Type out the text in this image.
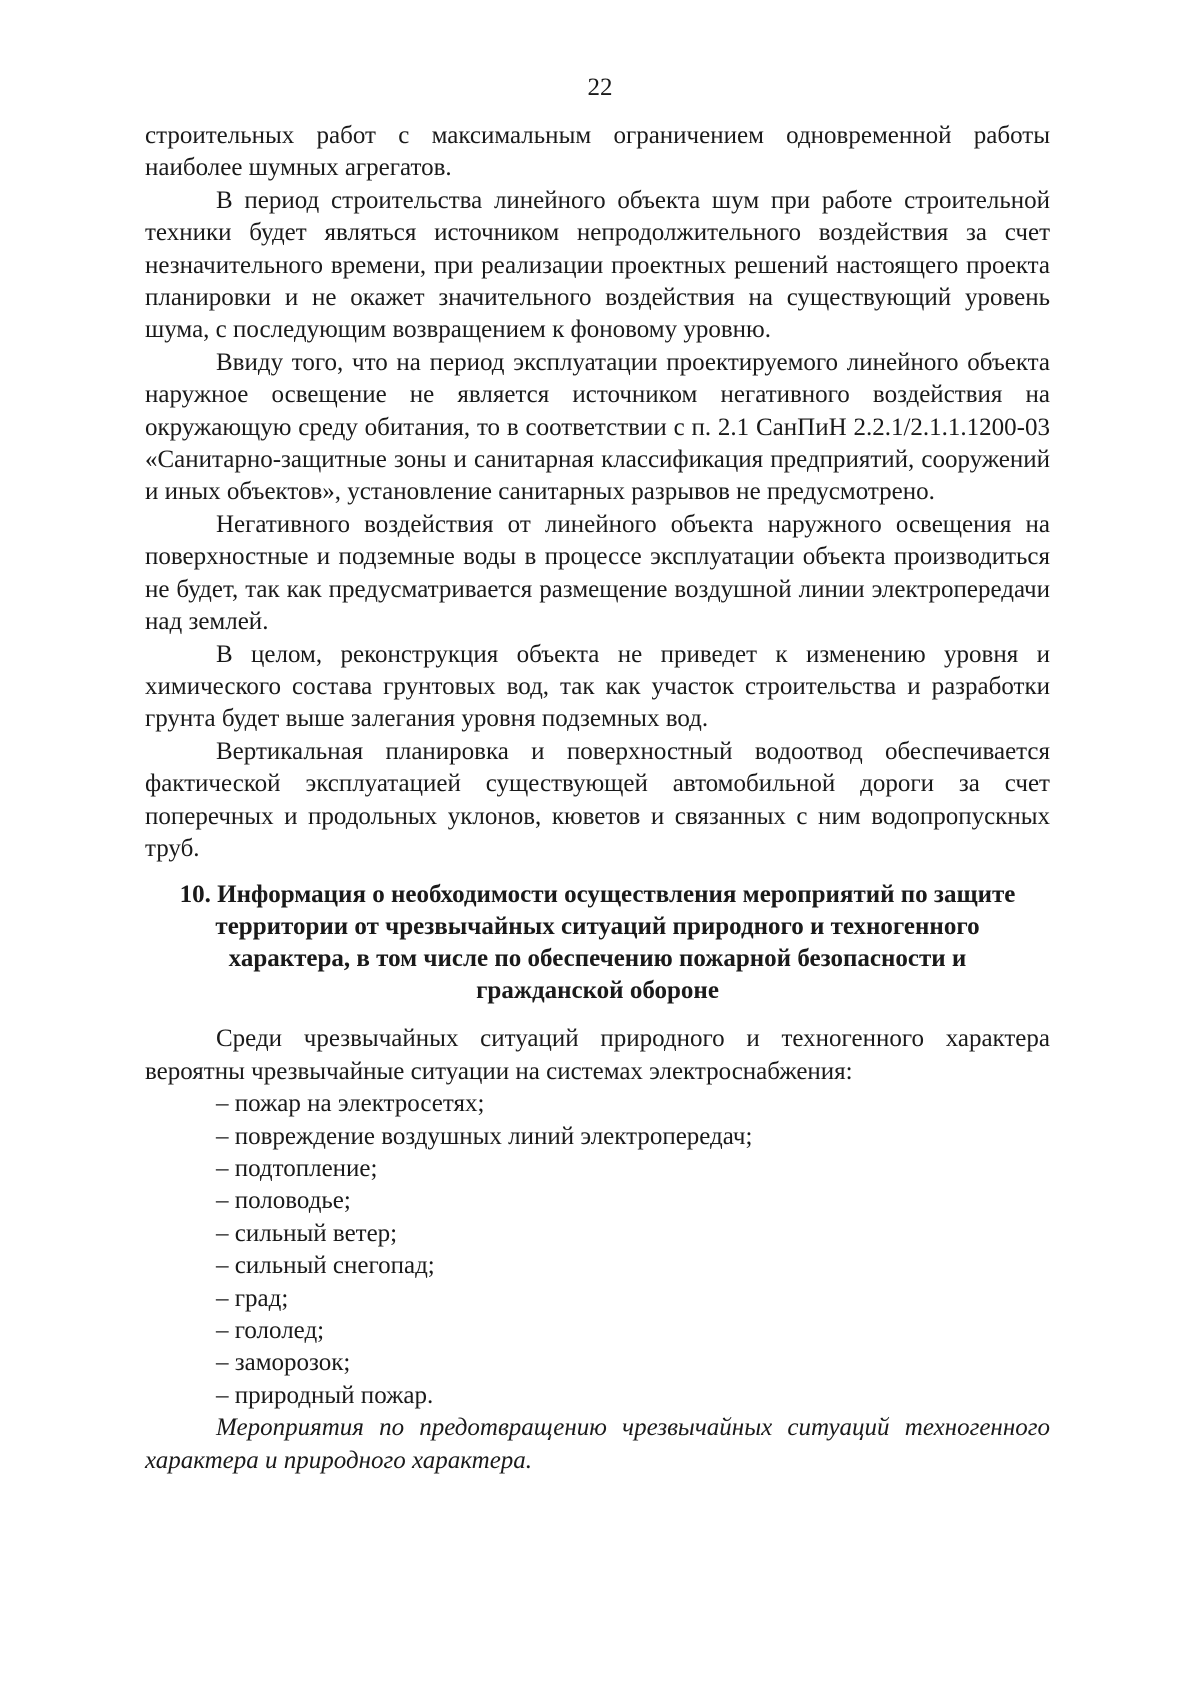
22

строительных работ с максимальным ограничением одновременной работы наиболее шумных агрегатов.

В период строительства линейного объекта шум при работе строительной техники будет являться источником непродолжительного воздействия за счет незначительного времени, при реализации проектных решений настоящего проекта планировки и не окажет значительного воздействия на существующий уровень шума, с последующим возвращением к фоновому уровню.

Ввиду того, что на период эксплуатации проектируемого линейного объекта наружное освещение не является источником негативного воздействия на окружающую среду обитания, то в соответствии с п. 2.1 СанПиН 2.2.1/2.1.1.1200-03 «Санитарно-защитные зоны и санитарная классификация предприятий, сооружений и иных объектов», установление санитарных разрывов не предусмотрено.

Негативного воздействия от линейного объекта наружного освещения на поверхностные и подземные воды в процессе эксплуатации объекта производиться не будет, так как предусматривается размещение воздушной линии электропередачи над землей.

В целом, реконструкция объекта не приведет к изменению уровня и химического состава грунтовых вод, так как участок строительства и разработки грунта будет выше залегания уровня подземных вод.

Вертикальная планировка и поверхностный водоотвод обеспечивается фактической эксплуатацией существующей автомобильной дороги за счет поперечных и продольных уклонов, кюветов и связанных с ним водопропускных труб.

10. Информация о необходимости осуществления мероприятий по защите территории от чрезвычайных ситуаций природного и техногенного характера, в том числе по обеспечению пожарной безопасности и гражданской обороне

Среди чрезвычайных ситуаций природного и техногенного характера вероятны чрезвычайные ситуации на системах электроснабжения:

– пожар на электросетях;
– повреждение воздушных линий электропередач;
– подтопление;
– половодье;
– сильный ветер;
– сильный снегопад;
– град;
– гололед;
– заморозок;
– природный пожар.

Мероприятия по предотвращению чрезвычайных ситуаций техногенного характера и природного характера.
